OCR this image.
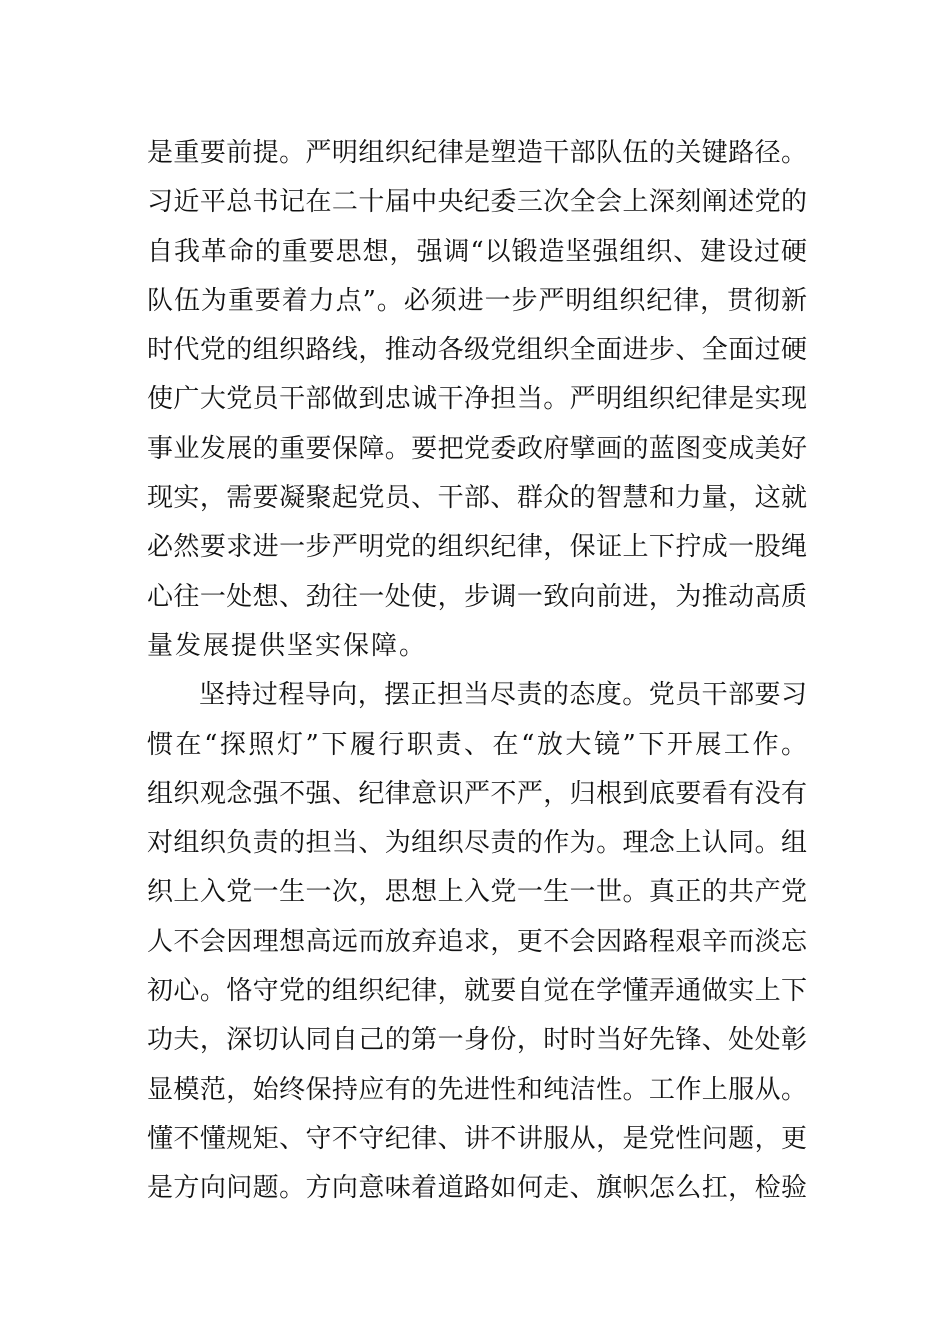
是重要前提。严明组织纪律是塑造干部队伍的关键路径。
习近平总书记在二十届中央纪委三次全会上深刻阐述党的
自我革命的重要思想，强调“以锻造坚强组织、建设过硬
队伍为重要着力点”。必须进一步严明组织纪律，贯彻新
时代党的组织路线，推动各级党组织全面进步、全面过硬
使广大党员干部做到忠诚干净担当。严明组织纪律是实现
事业发展的重要保障。要把党委政府擘画的蓝图变成美好
现实，需要凝聚起党员、干部、群众的智慧和力量，这就
必然要求进一步严明党的组织纪律，保证上下拧成一股绳
心往一处想、劲往一处使，步调一致向前进，为推动高质
量发展提供坚实保障。
坚持过程导向，摆正担当尽责的态度。党员干部要习
惯在“探照灯”下履行职责、在“放大镜”下开展工作。
组织观念强不强、纪律意识严不严，归根到底要看有没有
对组织负责的担当、为组织尽责的作为。理念上认同。组
织上入党一生一次，思想上入党一生一世。真正的共产党
人不会因理想高远而放弃追求，更不会因路程艰辛而淡忘
初心。恪守党的组织纪律，就要自觉在学懂弄通做实上下
功夫，深切认同自己的第一身份，时时当好先锋、处处彰
显模范，始终保持应有的先进性和纯洁性。工作上服从。
懂不懂规矩、守不守纪律、讲不讲服从，是党性问题，更
是方向问题。方向意味着道路如何走、旗帜怎么扛，检验
